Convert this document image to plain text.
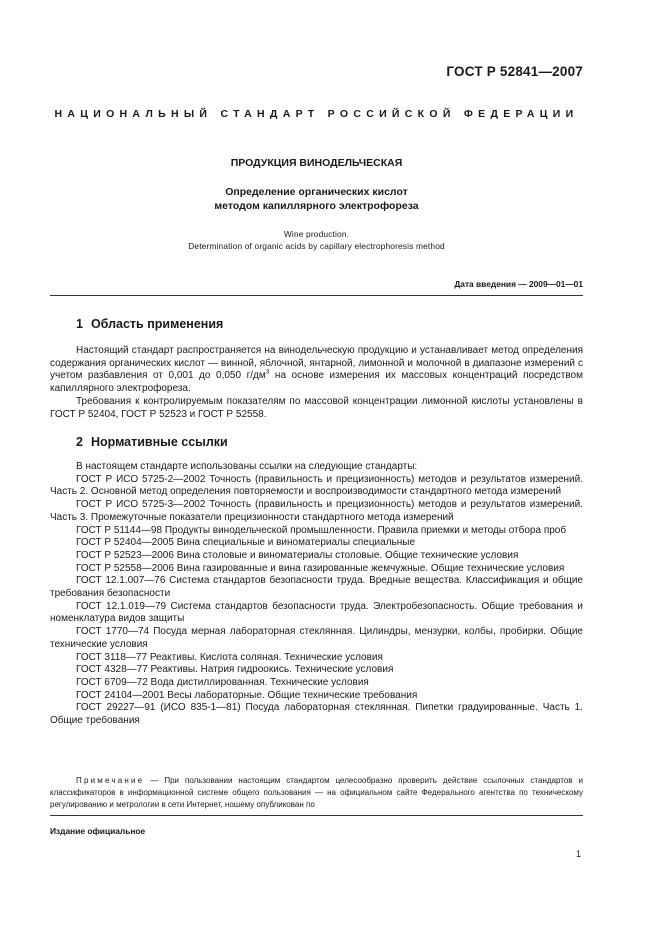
ГОСТ Р 52841—2007
НАЦИОНАЛЬНЫЙ СТАНДАРТ РОССИЙСКОЙ ФЕДЕРАЦИИ
ПРОДУКЦИЯ ВИНОДЕЛЬЧЕСКАЯ
Определение органических кислот
методом капиллярного электрофореза
Wine production.
Determination of organic acids by capillary electrophoresis method
Дата введения — 2009—01—01
1 Область применения

Настоящий стандарт распространяется на винодельческую продукцию и устанавливает метод определения содержания органических кислот — винной, яблочной, янтарной, лимонной и молочной в диапазоне измерений с учетом разбавления от 0,001 до 0,050 $г/дм^3$ на основе измерения их массовых концентраций посредством капиллярного электрофореза.

Требования к контролируемым показателям по массовой концентрации лимонной кислоты установлены в ГОСТ Р 52404, ГОСТ Р 52523 и ГОСТ Р 52558.

2 Нормативные ссылки

В настоящем стандарте использованы ссылки на следующие стандарты:

ГОСТ Р ИСО 5725-2—2002 Точность (правильность и прецизионность) методов и результатов измерений. Часть 2. Основной метод определения повторяемости и воспроизводимости стандартного метода измерений

ГОСТ Р ИСО 5725-3—2002 Точность (правильность и прецизионность) методов и результатов измерений. Часть 3. Промежуточные показатели прецизионности стандартного метода измерений

ГОСТ Р 51144—98 Продукты винодельческой промышленности. Правила приемки и методы отбора проб

ГОСТ Р 52404—2005 Вина специальные и виноматериалы специальные

ГОСТ Р 52523—2006 Вина столовые и виноматериалы столовые. Общие технические условия

ГОСТ Р 52558—2006 Вина газированные и вина газированные жемчужные. Общие технические условия

ГОСТ 12.1.007—76 Система стандартов безопасности труда. Вредные вещества. Классификация и общие требования безопасности

ГОСТ 12.1.019—79 Система стандартов безопасности труда. Электробезопасность. Общие требования и номенклатура видов защиты

ГОСТ 1770—74 Посуда мерная лабораторная стеклянная. Цилиндры, мензурки, колбы, пробирки. Общие технические условия

ГОСТ 3118—77 Реактивы. Кислота соляная. Технические условия

ГОСТ 4328—77 Реактивы. Натрия гидроокись. Технические условия

ГОСТ 6709—72 Вода дистиллированная. Технические условия

ГОСТ 24104—2001 Весы лабораторные. Общие технические требования

ГОСТ 29227—91 (ИСО 835-1—81) Посуда лабораторная стеклянная. Пипетки градуированные. Часть 1. Общие требования

Примечание — При пользовании настоящим стандартом целесообразно проверить действие ссылочных стандартов и классификаторов в информационной системе общего пользования — на официальном сайте Федерального агентства по техническому регулированию и метрологии в сети Интернет, ношему опубликован по

Издание официальное
1
